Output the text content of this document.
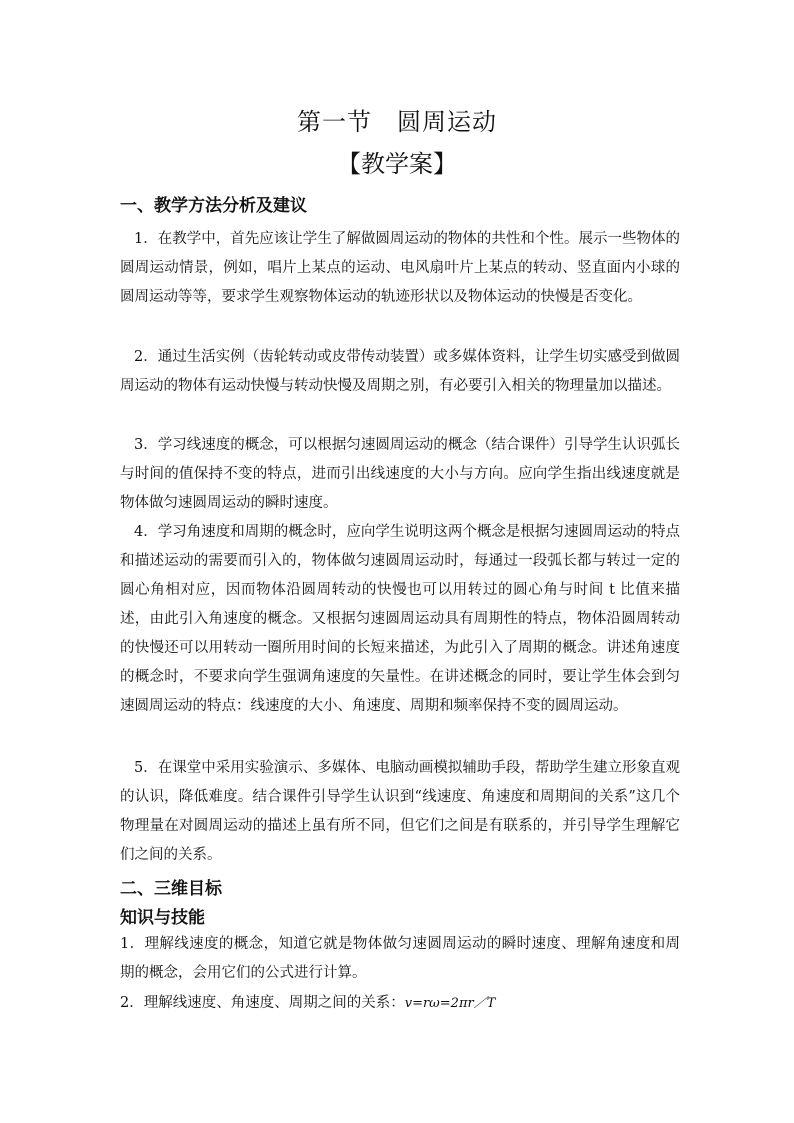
第一节　圆周运动
【教学案】
一、教学方法分析及建议
1．在教学中，首先应该让学生了解做圆周运动的物体的共性和个性。展示一些物体的圆周运动情景，例如，唱片上某点的运动、电风扇叶片上某点的转动、竖直面内小球的圆周运动等等，要求学生观察物体运动的轨迹形状以及物体运动的快慢是否变化。
2．通过生活实例（齿轮转动或皮带传动装置）或多媒体资料，让学生切实感受到做圆周运动的物体有运动快慢与转动快慢及周期之别，有必要引入相关的物理量加以描述。
3．学习线速度的概念，可以根据匀速圆周运动的概念（结合课件）引导学生认识弧长与时间的值保持不变的特点，进而引出线速度的大小与方向。应向学生指出线速度就是物体做匀速圆周运动的瞬时速度。
4．学习角速度和周期的概念时，应向学生说明这两个概念是根据匀速圆周运动的特点和描述运动的需要而引入的，物体做匀速圆周运动时，每通过一段弧长都与转过一定的圆心角相对应，因而物体沿圆周转动的快慢也可以用转过的圆心角与时间 t 比值来描述，由此引入角速度的概念。又根据匀速圆周运动具有周期性的特点，物体沿圆周转动的快慢还可以用转动一圈所用时间的长短来描述，为此引入了周期的概念。讲述角速度的概念时，不要求向学生强调角速度的矢量性。在讲述概念的同时，要让学生体会到匀速圆周运动的特点：线速度的大小、角速度、周期和频率保持不变的圆周运动。
5．在课堂中采用实验演示、多媒体、电脑动画模拟辅助手段，帮助学生建立形象直观的认识，降低难度。结合课件引导学生认识到“线速度、角速度和周期间的关系”这几个物理量在对圆周运动的描述上虽有所不同，但它们之间是有联系的，并引导学生理解它们之间的关系。
二、三维目标
知识与技能
1．理解线速度的概念，知道它就是物体做匀速圆周运动的瞬时速度、理解角速度和周期的概念，会用它们的公式进行计算。
2．理解线速度、角速度、周期之间的关系：v=rω=2πr／T
